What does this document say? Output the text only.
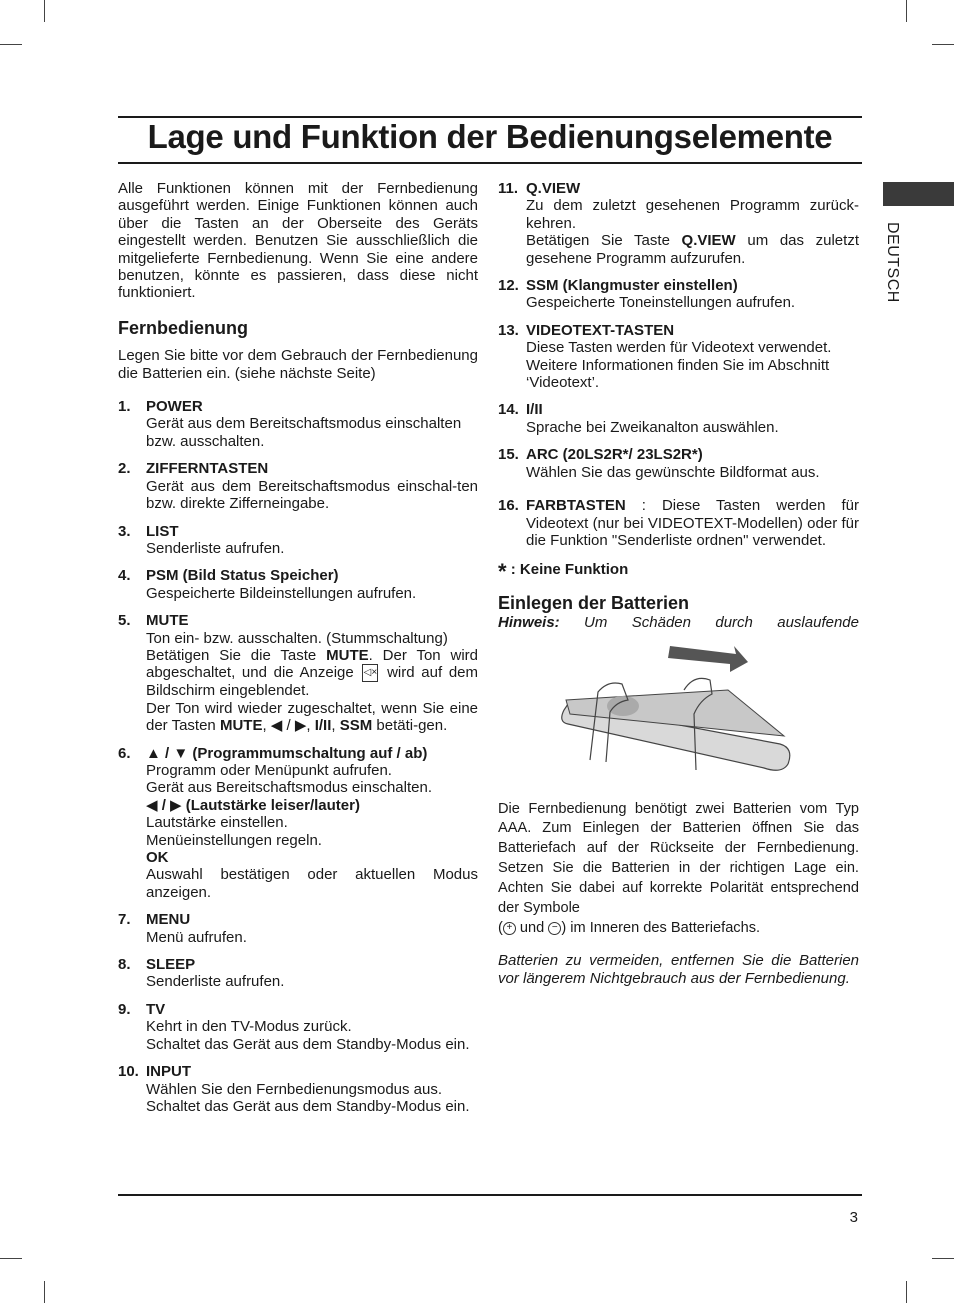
Lage und Funktion der Bedienungselemente
DEUTSCH
Alle Funktionen können mit der Fernbedienung ausgeführt werden. Einige Funktionen können auch über die Tasten an der Oberseite des Geräts eingestellt werden. Benutzen Sie ausschließlich die mitgelieferte Fernbedienung. Wenn Sie eine andere benutzen, könnte es passieren, dass diese nicht funktioniert.
Fernbedienung
Legen Sie bitte vor dem Gebrauch der Fernbedienung die Batterien ein. (siehe nächste Seite)
1.	POWER
Gerät aus dem Bereitschaftsmodus einschalten bzw. ausschalten.
2.	ZIFFERNTASTEN
Gerät aus dem Bereitschaftsmodus einschal-ten bzw. direkte Zifferneingabe.
3.	LIST
Senderliste aufrufen.
4.	PSM (Bild Status Speicher)
Gespeicherte Bildeinstellungen aufrufen.
5.	MUTE
Ton ein- bzw. ausschalten. (Stummschaltung)
Betätigen Sie die Taste MUTE. Der Ton wird abgeschaltet, und die Anzeige ◁× wird auf dem Bildschirm eingeblendet.
Der Ton wird wieder zugeschaltet, wenn Sie eine der Tasten MUTE, ◀ / ▶, I/II, SSM betäti-gen.
6.	▲ / ▼ (Programmumschaltung auf / ab)
Programm oder Menüpunkt aufrufen.
Gerät aus Bereitschaftsmodus einschalten.
◀ / ▶ (Lautstärke leiser/lauter)
Lautstärke einstellen.
Menüeinstellungen regeln.
OK
Auswahl bestätigen oder aktuellen Modus anzeigen.
7.	MENU
Menü aufrufen.
8.	SLEEP
Senderliste aufrufen.
9.	TV
Kehrt in den TV-Modus zurück.
Schaltet das Gerät aus dem Standby-Modus ein.
10. INPUT
Wählen Sie den Fernbedienungsmodus aus.
Schaltet das Gerät aus dem Standby-Modus ein.
11. Q.VIEW
Zu dem zuletzt gesehenen Programm zurück-kehren.
Betätigen Sie Taste Q.VIEW um das zuletzt gesehene Programm aufzurufen.
12. SSM (Klangmuster einstellen)
Gespeicherte Toneinstellungen aufrufen.
13. VIDEOTEXT-TASTEN
Diese Tasten werden für Videotext verwendet.
Weitere Informationen finden Sie im Abschnitt ‘Videotext’.
14. I/II
Sprache bei Zweikanalton auswählen.
15. ARC (20LS2R*/ 23LS2R*)
Wählen Sie das gewünschte Bildformat aus.
16. FARBTASTEN : Diese Tasten werden für Videotext (nur bei VIDEOTEXT-Modellen) oder für die Funktion "Senderliste ordnen" verwendet.
* : Keine Funktion
Einlegen der Batterien
Hinweis: Um Schäden durch auslaufende
Die Fernbedienung benötigt zwei Batterien vom Typ AAA. Zum Einlegen der Batterien öffnen Sie das Batteriefach auf der Rückseite der Fernbedienung. Setzen Sie die Batterien in der richtigen Lage ein. Achten Sie dabei auf korrekte Polarität entsprechend der Symbole
( + und − ) im Inneren des Batteriefachs.
Batterien zu vermeiden, entfernen Sie die Batterien vor längerem Nichtgebrauch aus der Fernbedienung.
3
